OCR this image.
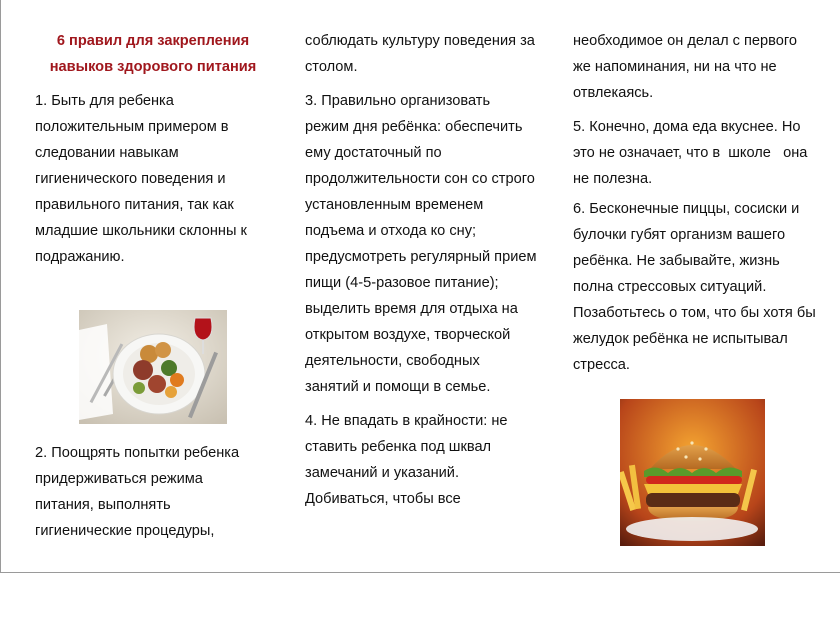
6 правил для закрепления навыков здорового питания

1. Быть для ребенка положительным примером в следовании навыкам гигиенического поведения и правильного питания, так как младшие школьники склонны к подражанию.

2. Поощрять попытки ребенка придерживаться режима питания, выполнять гигиенические процедуры,

соблюдать культуру поведения за столом.

3. Правильно организовать режим дня ребёнка: обеспечить ему достаточный по продолжительности сон со строго установленным временем подъема и отхода ко сну; предусмотреть регулярный прием пищи (4-5-разовое питание); выделить время для отдыха на открытом воздухе, творческой деятельности, свободных занятий и помощи в семье.

4. Не впадать в крайности: не ставить ребенка под шквал замечаний и указаний. Добиваться, чтобы все

необходимое он делал с первого же напоминания, ни на что не отвлекаясь.

5. Конечно, дома еда вкуснее. Но это не означает, что в  школе   она не полезна.

6. Бесконечные пиццы, сосиски и булочки губят организм вашего ребёнка. Не забывайте, жизнь полна стрессовых ситуаций. Позаботьтесь о том, что бы хотя бы желудок ребёнка не испытывал стресса.
